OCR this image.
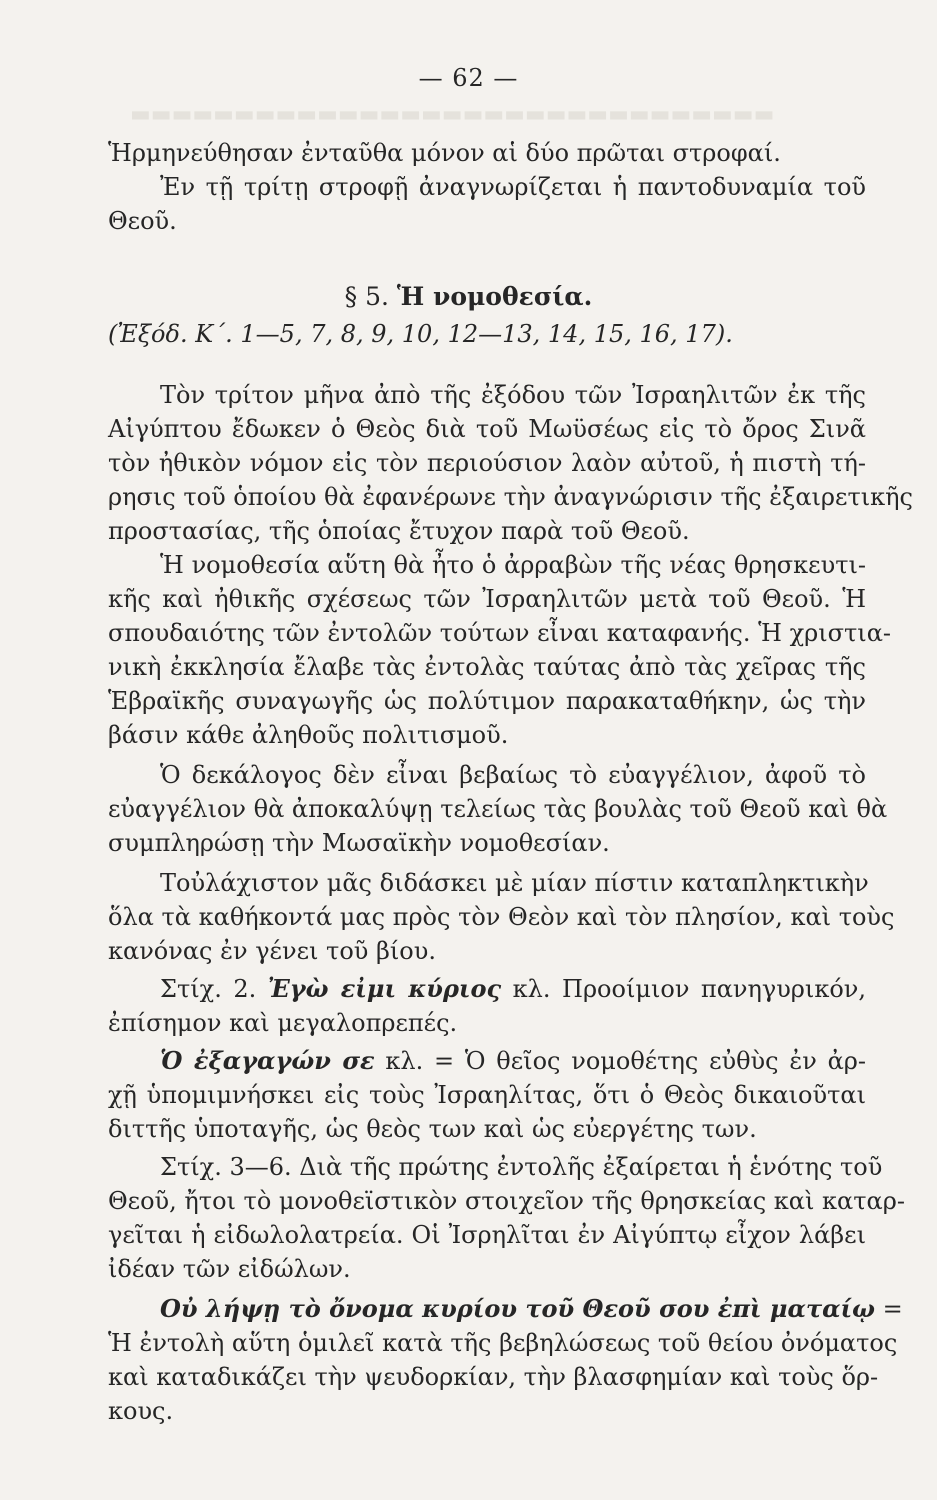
▬▬▬▬▬▬▬▬▬▬▬▬▬▬▬▬▬▬▬▬▬▬▬▬▬▬▬▬▬▬▬
— 62 —
Ἡρμηνεύθησαν ἐνταῦθα μόνον αἱ δύο πρῶται στροφαί.
Ἐν τῇ τρίτῃ στροφῇ ἀναγνωρίζεται ἡ παντοδυναμία τοῦ
Θεοῦ.
§ 5. Ἡ νομοθεσία.
(Ἐξόδ. Κ΄. 1—5, 7, 8, 9, 10, 12—13, 14, 15, 16, 17).
Τὸν τρίτον μῆνα ἀπὸ τῆς ἐξόδου τῶν Ἰσραηλιτῶν ἐκ τῆς
Αἰγύπτου ἔδωκεν ὁ Θεὸς διὰ τοῦ Μωϋσέως εἰς τὸ ὄρος Σινᾶ
τὸν ἠθικὸν νόμον εἰς τὸν περιούσιον λαὸν αὐτοῦ, ἡ πιστὴ τή-
ρησις τοῦ ὁποίου θὰ ἐφανέρωνε τὴν ἀναγνώρισιν τῆς ἐξαιρετικῆς
προστασίας, τῆς ὁποίας ἔτυχον παρὰ τοῦ Θεοῦ.
Ἡ νομοθεσία αὕτη θὰ ἦτο ὁ ἀρραβὼν τῆς νέας θρησκευτι-
κῆς καὶ ἠθικῆς σχέσεως τῶν Ἰσραηλιτῶν μετὰ τοῦ Θεοῦ. Ἡ
σπουδαιότης τῶν ἐντολῶν τούτων εἶναι καταφανής. Ἡ χριστια-
νικὴ ἐκκλησία ἔλαβε τὰς ἐντολὰς ταύτας ἀπὸ τὰς χεῖρας τῆς
Ἑβραϊκῆς συναγωγῆς ὡς πολύτιμον παρακαταθήκην, ὡς τὴν
βάσιν κάθε ἀληθοῦς πολιτισμοῦ.
Ὁ δεκάλογος δὲν εἶναι βεβαίως τὸ εὐαγγέλιον, ἀφοῦ τὸ
εὐαγγέλιον θὰ ἀποκαλύψῃ τελείως τὰς βουλὰς τοῦ Θεοῦ καὶ θὰ
συμπληρώσῃ τὴν Μωσαϊκὴν νομοθεσίαν.
Τοὐλάχιστον μᾶς διδάσκει μὲ μίαν πίστιν καταπληκτικὴν
ὅλα τὰ καθήκοντά μας πρὸς τὸν Θεὸν καὶ τὸν πλησίον, καὶ τοὺς
κανόνας ἐν γένει τοῦ βίου.
Στίχ. 2. Ἐγὼ εἰμι κύριος κλ. Προοίμιον πανηγυρικόν,
ἐπίσημον καὶ μεγαλοπρεπές.
Ὁ ἐξαγαγών σε κλ. = Ὁ θεῖος νομοθέτης εὐθὺς ἐν ἀρ-
χῇ ὑπομιμνήσκει εἰς τοὺς Ἰσραηλίτας, ὅτι ὁ Θεὸς δικαιοῦται
διττῆς ὑποταγῆς, ὡς θεὸς των καὶ ὡς εὐεργέτης των.
Στίχ. 3—6. Διὰ τῆς πρώτης ἐντολῆς ἐξαίρεται ἡ ἑνότης τοῦ
Θεοῦ, ἤτοι τὸ μονοθεϊστικὸν στοιχεῖον τῆς θρησκείας καὶ καταρ-
γεῖται ἡ εἰδωλολατρεία. Οἱ Ἰσρηλῖται ἐν Αἰγύπτῳ εἶχον λάβει
ἰδέαν τῶν εἰδώλων.
Οὐ λήψῃ τὸ ὄνομα κυρίου τοῦ Θεοῦ σου ἐπὶ ματαίῳ =
Ἡ ἐντολὴ αὕτη ὁμιλεῖ κατὰ τῆς βεβηλώσεως τοῦ θείου ὀνόματος
καὶ καταδικάζει τὴν ψευδορκίαν, τὴν βλασφημίαν καὶ τοὺς ὅρ-
κους.
